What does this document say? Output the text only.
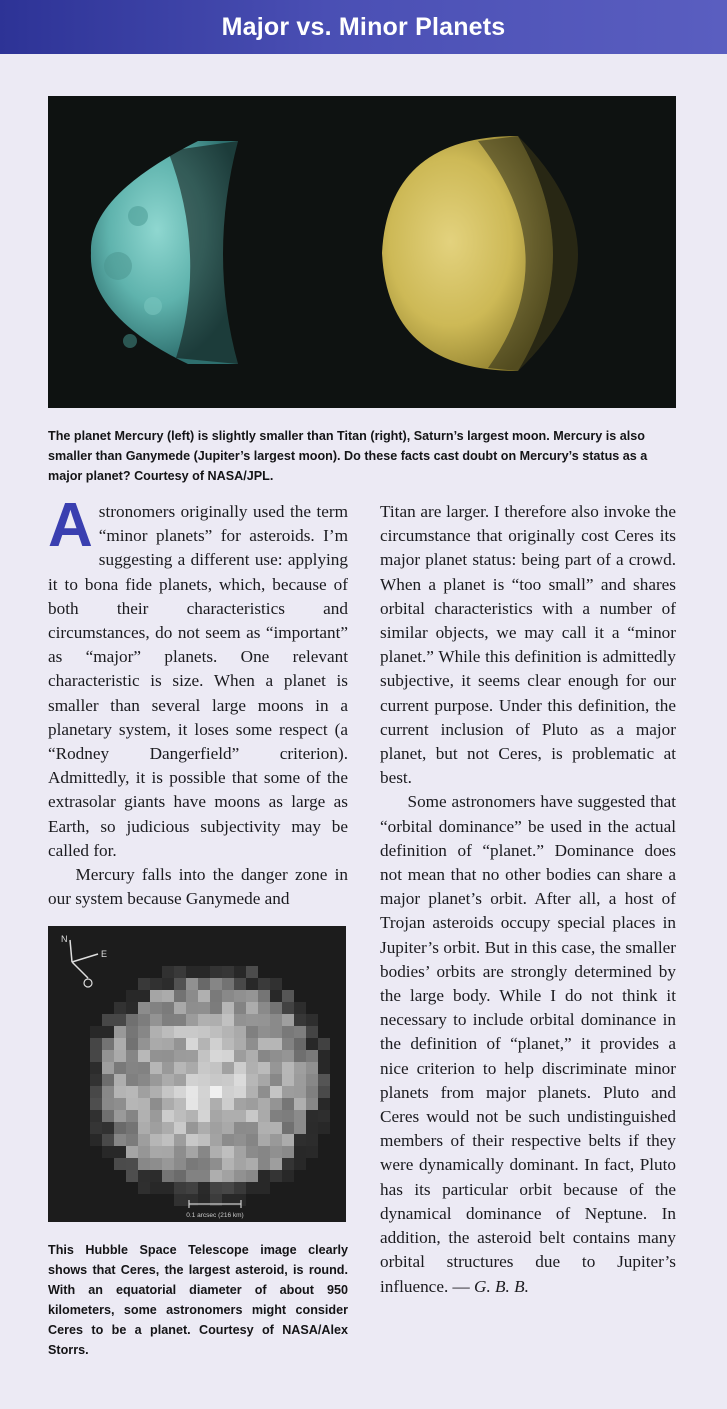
Major vs. Minor Planets
The planet Mercury (left) is slightly smaller than Titan (right), Saturn’s largest moon. Mercury is also smaller than Ganymede (Jupiter’s largest moon). Do these facts cast doubt on Mercury’s status as a major planet? Courtesy of NASA/JPL.

Astronomers originally used the term “minor planets” for asteroids. I’m suggesting a different use: applying it to bona fide planets, which, because of both their characteristics and circumstances, do not seem as “important” as “major” planets. One relevant characteristic is size. When a planet is smaller than several large moons in a planetary system, it loses some respect (a “Rodney Dangerfield” criterion). Admittedly, it is possible that some of the extrasolar giants have moons as large as Earth, so judicious subjectivity may be called for.

Mercury falls into the danger zone in our system because Ganymede and

N
E
0.1 arcsec (216 km)
This Hubble Space Telescope image clearly shows that Ceres, the largest asteroid, is round. With an equatorial diameter of about 950 kilometers, some astronomers might consider Ceres to be a planet. Courtesy of NASA/Alex Storrs.

Titan are larger. I therefore also invoke the circumstance that originally cost Ceres its major planet status: being part of a crowd. When a planet is “too small” and shares orbital characteristics with a number of similar objects, we may call it a “minor planet.” While this definition is admittedly subjective, it seems clear enough for our current purpose. Under this definition, the current inclusion of Pluto as a major planet, but not Ceres, is problematic at best.

Some astronomers have suggested that “orbital dominance” be used in the actual definition of “planet.” Dominance does not mean that no other bodies can share a major planet’s orbit. After all, a host of Trojan asteroids occupy special places in Jupiter’s orbit. But in this case, the smaller bodies’ orbits are strongly determined by the large body. While I do not think it necessary to include orbital dominance in the definition of “planet,” it provides a nice criterion to help discriminate minor planets from major planets. Pluto and Ceres would not be such undistinguished members of their respective belts if they were dynamically dominant. In fact, Pluto has its particular orbit because of the dynamical dominance of Neptune. In addition, the asteroid belt contains many orbital structures due to Jupiter’s influence. — G. B. B.
